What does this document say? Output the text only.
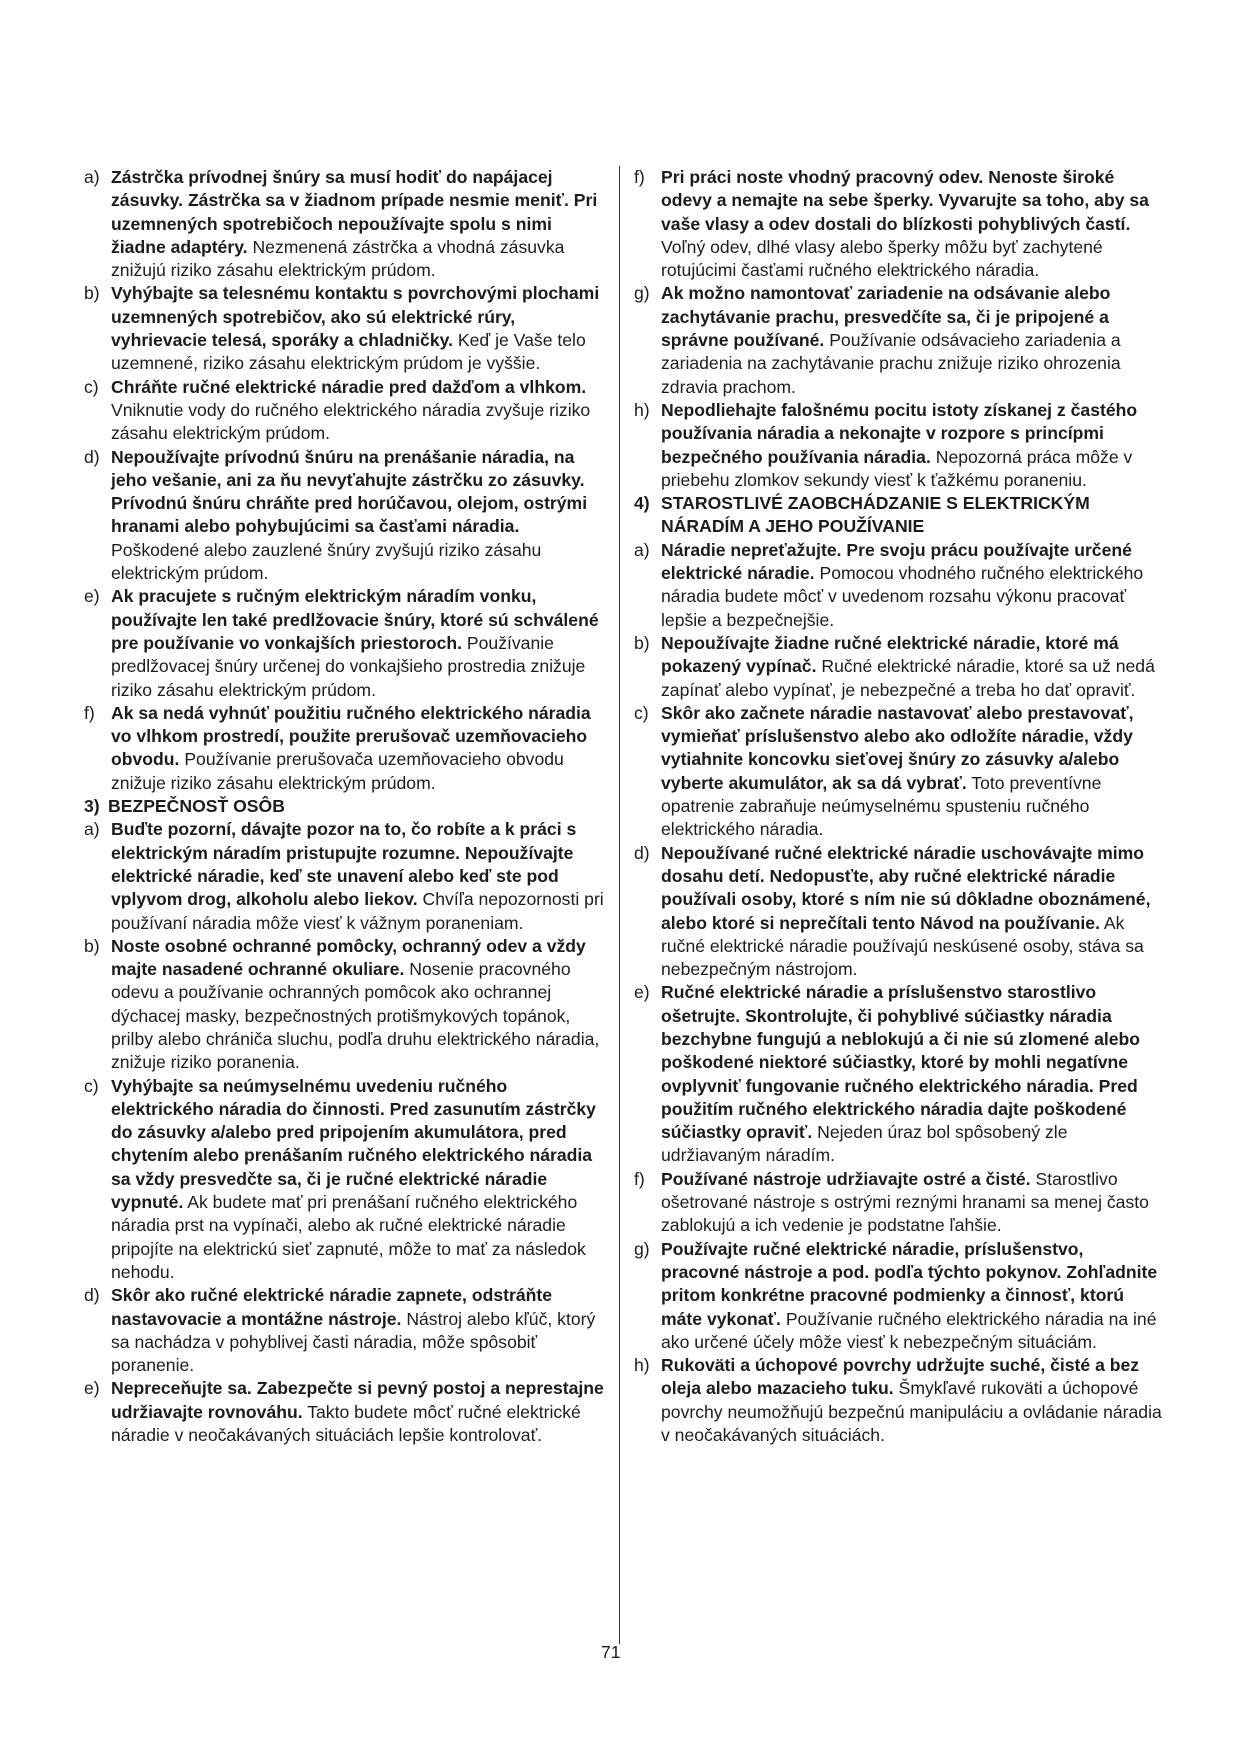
a) Zástrčka prívodnej šnúry sa musí hodiť do napájacej zásuvky. Zástrčka sa v žiadnom prípade nesmie meniť. Pri uzemnených spotrebičoch nepoužívajte spolu s nimi žiadne adaptéry. Nezmenená zástrčka a vhodná zásuvka znižujú riziko zásahu elektrickým prúdom.
b) Vyhýbajte sa telesnému kontaktu s povrchovými plochami uzemnených spotrebičov, ako sú elektrické rúry, vyhrievacie telesá, sporáky a chladničky. Keď je Vaše telo uzemnené, riziko zásahu elektrickým prúdom je vyššie.
c) Chráňte ručné elektrické náradie pred dažďom a vlhkom. Vniknutie vody do ručného elektrického náradia zvyšuje riziko zásahu elektrickým prúdom.
d) Nepoužívajte prívodnú šnúru na prenášanie náradia, na jeho vešanie, ani za ňu nevyťahujte zástrčku zo zásuvky. Prívodnú šnúru chráňte pred horúčavou, olejom, ostrými hranami alebo pohybujúcimi sa časťami náradia. Poškodené alebo zauzlené šnúry zvyšujú riziko zásahu elektrickým prúdom.
e) Ak pracujete s ručným elektrickým náradím vonku, používajte len také predlžovacie šnúry, ktoré sú schválené pre používanie vo vonkajších priestoroch. Používanie predlžovacej šnúry určenej do vonkajšieho prostredia znižuje riziko zásahu elektrickým prúdom.
f) Ak sa nedá vyhnúť použitiu ručného elektrického náradia vo vlhkom prostredí, použite prerušovač uzemňovacieho obvodu. Používanie prerušovača uzemňovacieho obvodu znižuje riziko zásahu elektrickým prúdom.
3) BEZPEČNOSŤ OSÔB
a) Buďte pozorní, dávajte pozor na to, čo robíte a k práci s elektrickým náradím pristupujte rozumne. Nepoužívajte elektrické náradie, keď ste unavení alebo keď ste pod vplyvom drog, alkoholu alebo liekov. Chvíľa nepozornosti pri používaní náradia môže viesť k vážnym poraneniam.
b) Noste osobné ochranné pomôcky, ochranný odev a vždy majte nasadené ochranné okuliare. Nosenie pracovného odevu a používanie ochranných pomôcok ako ochrannej dýchacej masky, bezpečnostných protišmykových topánok, prilby alebo chrániča sluchu, podľa druhu elektrického náradia, znižuje riziko poranenia.
c) Vyhýbajte sa neúmyselnému uvedeniu ručného elektrického náradia do činnosti. Pred zasunutím zástrčky do zásuvky a/alebo pred pripojením akumulátora, pred chytením alebo prenášaním ručného elektrického náradia sa vždy presvedčte sa, či je ručné elektrické náradie vypnuté. Ak budete mať pri prenášaní ručného elektrického náradia prst na vypínači, alebo ak ručné elektrické náradie pripojíte na elektrickú sieť zapnuté, môže to mať za následok nehodu.
d) Skôr ako ručné elektrické náradie zapnete, odstráňte nastavovacie a montážne nástroje. Nástroj alebo kľúč, ktorý sa nachádza v pohyblivej časti náradia, môže spôsobiť poranenie.
e) Nepreceňujte sa. Zabezpečte si pevný postoj a neprestajne udržiavajte rovnováhu. Takto budete môcť ručné elektrické náradie v neočakávaných situáciách lepšie kontrolovať.
f) Pri práci noste vhodný pracovný odev. Nenoste široké odevy a nemajte na sebe šperky. Vyvarujte sa toho, aby sa vaše vlasy a odev dostali do blízkosti pohyblivých častí. Voľný odev, dlhé vlasy alebo šperky môžu byť zachytené rotujúcimi časťami ručného elektrického náradia.
g) Ak možno namontovať zariadenie na odsávanie alebo zachytávanie prachu, presvedčíte sa, či je pripojené a správne používané. Používanie odsávacieho zariadenia a zariadenia na zachytávanie prachu znižuje riziko ohrozenia zdravia prachom.
h) Nepodliehajte falošnému pocitu istoty získanej z častého používania náradia a nekonajte v rozpore s princípmi bezpečného používania náradia. Nepozorná práca môže v priebehu zlomkov sekundy viesť k ťažkému poraneniu.
4) STAROSTLIVÉ ZAOBCHÁDZANIE S ELEKTRICKÝM NÁRADÍM A JEHO POUŽÍVANIE
a) Náradie nepreťažujte. Pre svoju prácu používajte určené elektrické náradie. Pomocou vhodného ručného elektrického náradia budete môcť v uvedenom rozsahu výkonu pracovať lepšie a bezpečnejšie.
b) Nepoužívajte žiadne ručné elektrické náradie, ktoré má pokazený vypínač. Ručné elektrické náradie, ktoré sa už nedá zapínať alebo vypínať, je nebezpečné a treba ho dať opraviť.
c) Skôr ako začnete náradie nastavovať alebo prestavovať, vymieňať príslušenstvo alebo ako odložíte náradie, vždy vytiahnite koncovku sieťovej šnúry zo zásuvky a/alebo vyberte akumulátor, ak sa dá vybrať. Toto preventívne opatrenie zabraňuje neúmyselnému spusteniu ručného elektrického náradia.
d) Nepoužívané ručné elektrické náradie uschovávajte mimo dosahu detí. Nedopusťte, aby ručné elektrické náradie používali osoby, ktoré s ním nie sú dôkladne oboznámené, alebo ktoré si neprečítali tento Návod na používanie. Ak ručné elektrické náradie používajú neskúsené osoby, stáva sa nebezpečným nástrojom.
e) Ručné elektrické náradie a príslušenstvo starostlivo ošetrujte. Skontrolujte, či pohyblivé súčiastky náradia bezchybne fungujú a neblokujú a či nie sú zlomené alebo poškodené niektoré súčiastky, ktoré by mohli negatívne ovplyvniť fungovanie ručného elektrického náradia. Pred použitím ručného elektrického náradia dajte poškodené súčiastky opraviť. Nejeden úraz bol spôsobený zle udržiavaným náradím.
f) Používané nástroje udržiavajte ostré a čisté. Starostlivo ošetrované nástroje s ostrými reznými hranami sa menej často zablokujú a ich vedenie je podstatne ľahšie.
g) Používajte ručné elektrické náradie, príslušenstvo, pracovné nástroje a pod. podľa týchto pokynov. Zohľadnite pritom konkrétne pracovné podmienky a činnosť, ktorú máte vykonať. Používanie ručného elektrického náradia na iné ako určené účely môže viesť k nebezpečným situáciám.
h) Rukoväti a úchopové povrchy udržujte suché, čisté a bez oleja alebo mazacieho tuku. Šmykľavé rukoväti a úchopové povrchy neumožňujú bezpečnú manipuláciu a ovládanie náradia v neočakávaných situáciách.
71
